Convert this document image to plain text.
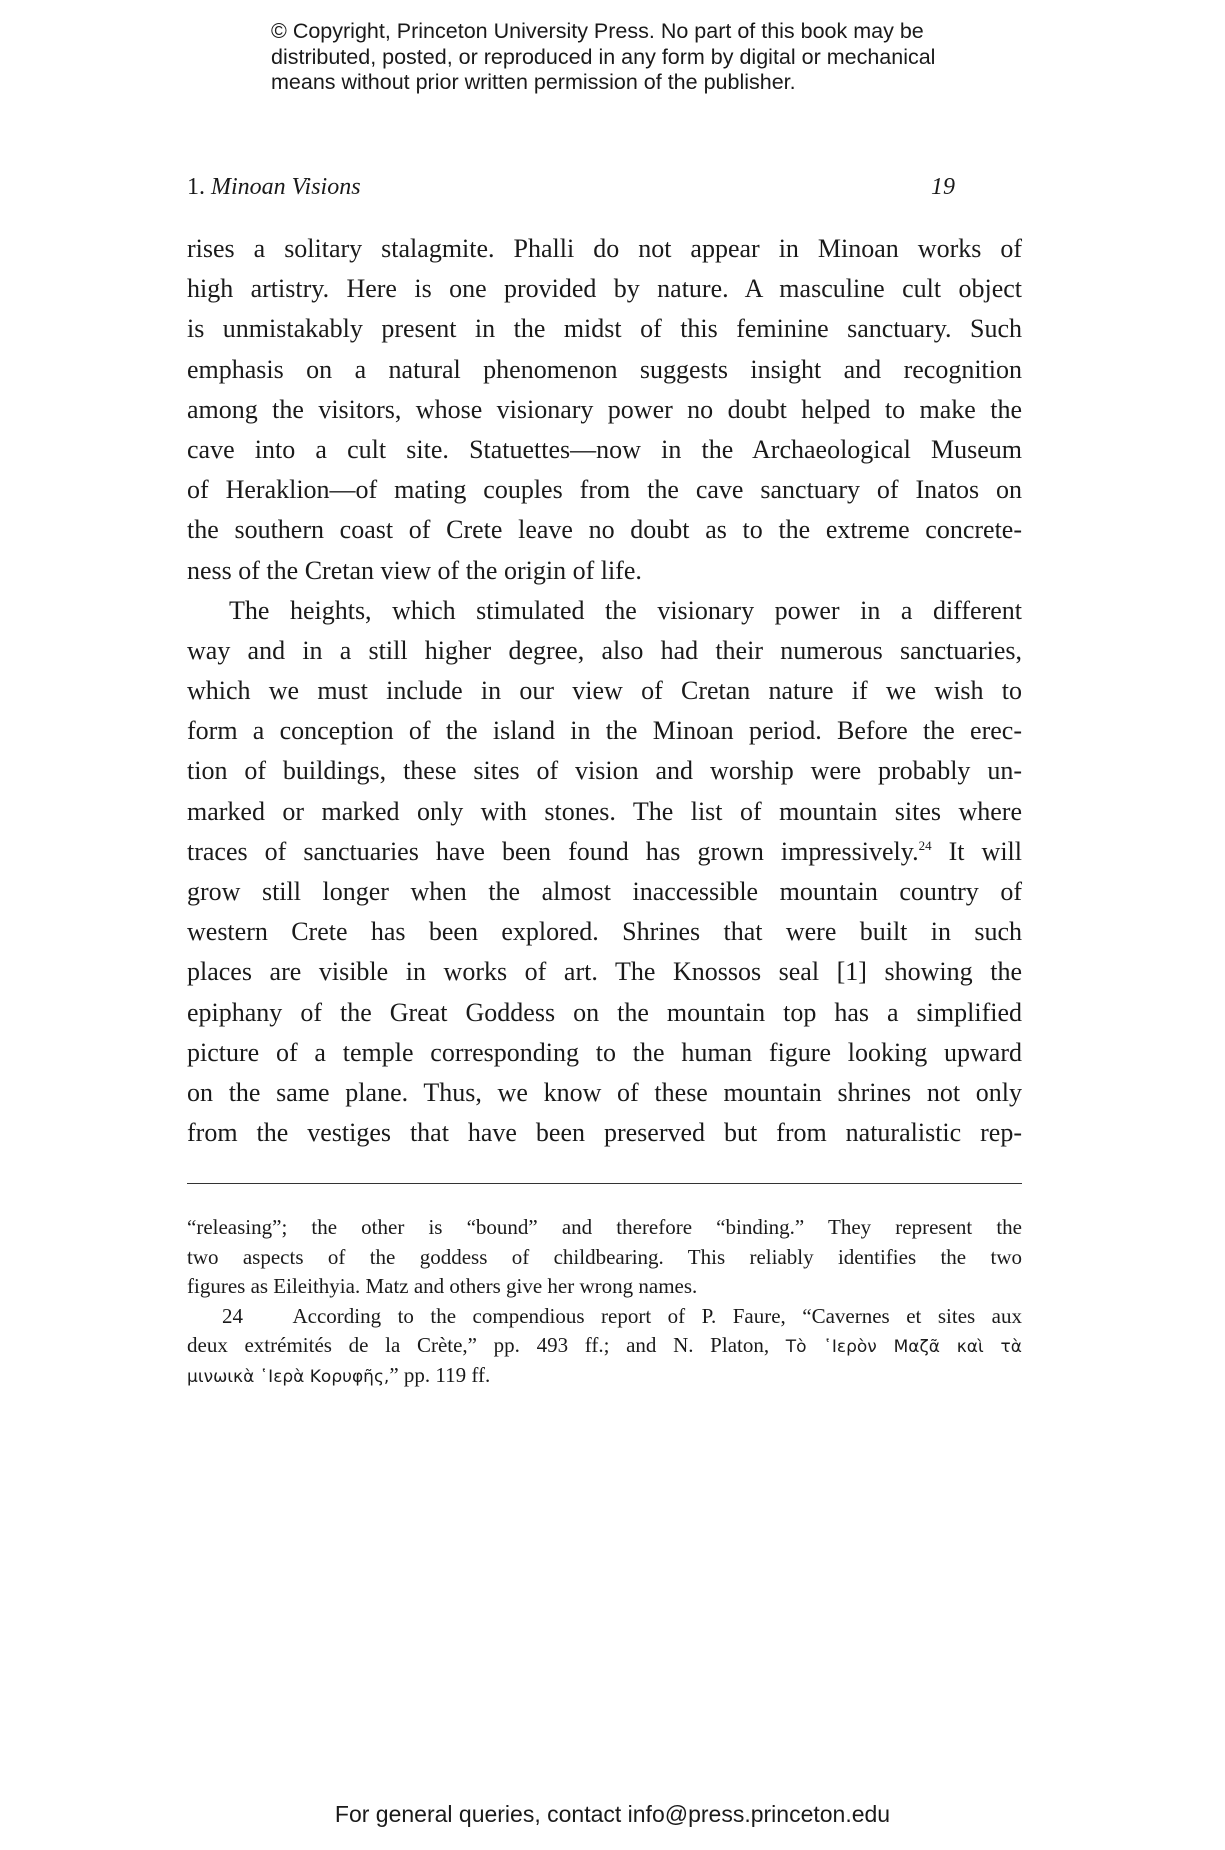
© Copyright, Princeton University Press. No part of this book may be
distributed, posted, or reproduced in any form by digital or mechanical
means without prior written permission of the publisher.
1. Minoan Visions	19
rises a solitary stalagmite. Phalli do not appear in Minoan works of
high artistry. Here is one provided by nature. A masculine cult object
is unmistakably present in the midst of this feminine sanctuary. Such
emphasis on a natural phenomenon suggests insight and recognition
among the visitors, whose visionary power no doubt helped to make the
cave into a cult site. Statuettes—now in the Archaeological Museum
of Heraklion—of mating couples from the cave sanctuary of Inatos on
the southern coast of Crete leave no doubt as to the extreme concrete-
ness of the Cretan view of the origin of life.
The heights, which stimulated the visionary power in a different
way and in a still higher degree, also had their numerous sanctuaries,
which we must include in our view of Cretan nature if we wish to
form a conception of the island in the Minoan period. Before the erec-
tion of buildings, these sites of vision and worship were probably un-
marked or marked only with stones. The list of mountain sites where
traces of sanctuaries have been found has grown impressively.$^{24}$ It will
grow still longer when the almost inaccessible mountain country of
western Crete has been explored. Shrines that were built in such
places are visible in works of art. The Knossos seal [1] showing the
epiphany of the Great Goddess on the mountain top has a simplified
picture of a temple corresponding to the human figure looking upward
on the same plane. Thus, we know of these mountain shrines not only
from the vestiges that have been preserved but from naturalistic rep-
“releasing”; the other is “bound” and therefore “binding.” They represent the
two aspects of the goddess of childbearing. This reliably identifies the two
figures as Eileithyia. Matz and others give her wrong names.
24 According to the compendious report of P. Faure, “Cavernes et sites aux
deux extrémités de la Crète,” pp. 493 ff.; and N. Platon, Τὸ ῾Ιερὸν Μαζᾶ καὶ τὰ
μινωικὰ ῾Ιερὰ Κορυφῆς,” pp. 119 ff.
For general queries, contact info@press.princeton.edu
